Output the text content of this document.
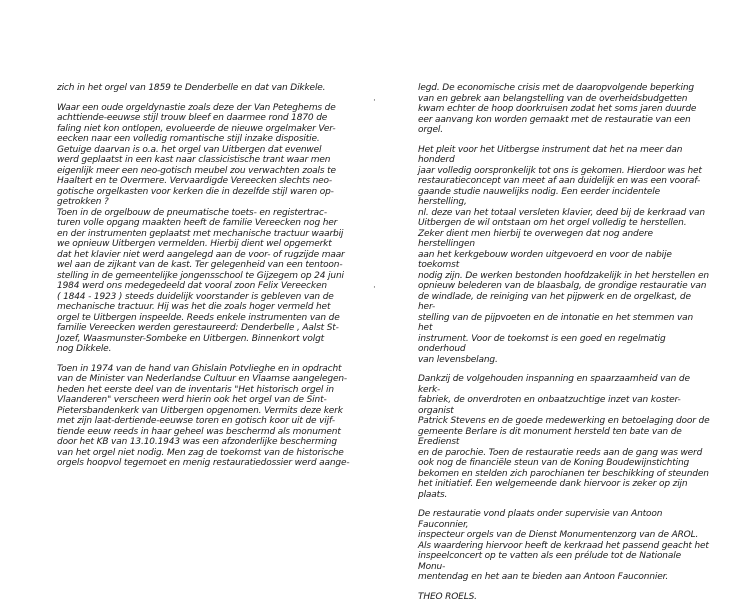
zich in het orgel van 1859 te Denderbelle en dat van Dikkele.

Waar een oude orgeldynastie zoals deze der Van Peteghems de
achttiende-eeuwse stijl trouw bleef en daarmee rond 1870 de
faling niet kon ontlopen, evolueerde de nieuwe orgelmaker Ver-
eecken naar een volledig romantische stijl inzake dispositie.
Getuige daarvan is o.a. het orgel van Uitbergen dat evenwel
werd geplaatst in een kast naar classicistische trant waar men
eigenlijk meer een neo-gotisch meubel zou verwachten zoals te
Haaltert en te Overmere. Vervaardigde Vereecken slechts neo-
gotische orgelkasten voor kerken die in dezelfde stijl waren op-
getrokken ?
Toen in de orgelbouw de pneumatische toets- en registertrac-
turen volle opgang maakten heeft de familie Vereecken nog her
en der instrumenten geplaatst met mechanische tractuur waarbij
we opnieuw Uitbergen vermelden. Hierbij dient wel opgemerkt
dat het klavier niet werd aangelegd aan de voor- of rugzijde maar
wel aan de zijkant van de kast. Ter gelegenheid van een tentoon-
stelling in de gemeentelijke jongensschool te Gijzegem op 24 juni
1984 werd ons medegedeeld dat vooral zoon Felix Vereecken
( 1844 - 1923 ) steeds duidelijk voorstander is gebleven van de
mechanische tractuur. Hij was het die zoals hoger vermeld het
orgel te Uitbergen inspeelde. Reeds enkele instrumenten van de
familie Vereecken werden gerestaureerd: Denderbelle , Aalst St-
Jozef, Waasmunster-Sombeke en Uitbergen. Binnenkort volgt
nog Dikkele.

Toen in 1974 van de hand van Ghislain Potvlieghe en in opdracht
van de Minister van Nederlandse Cultuur en Vlaamse aangelegen-
heden het eerste deel van de inventaris "Het historisch orgel in
Vlaanderen" verscheen werd hierin ook het orgel van de Sint-
Pietersbandenkerk van Uitbergen opgenomen. Vermits deze kerk
met zijn laat-dertiende-eeuwse toren en gotisch koor uit de vijf-
tiende eeuw reeds in haar geheel was beschermd als monument
door het KB van 13.10.1943 was een afzonderlijke bescherming
van het orgel niet nodig. Men zag de toekomst van de historische
orgels hoopvol tegemoet en menig restauratiedossier werd aange-

·
·

legd. De economische crisis met de daaropvolgende beperking
van en gebrek aan belangstelling van de overheidsbudgetten
kwam echter de hoop doorkruisen zodat het soms jaren duurde
eer aanvang kon worden gemaakt met de restauratie van een orgel.

Het pleit voor het Uitbergse instrument dat het na meer dan honderd
jaar volledig oorspronkelijk tot ons is gekomen. Hierdoor was het
restauratieconcept van meet af aan duidelijk en was een vooraf-
gaande studie nauwelijks nodig. Een eerder incidentele herstelling,
nl. deze van het totaal versleten klavier, deed bij de kerkraad van
Uitbergen de wil ontstaan om het orgel volledig te herstellen.
Zeker dient men hierbij te overwegen dat nog andere herstellingen
aan het kerkgebouw worden uitgevoerd en voor de nabije toekomst
nodig zijn. De werken bestonden hoofdzakelijk in het herstellen en
opnieuw belederen van de blaasbalg, de grondige restauratie van
de windlade, de reiniging van het pijpwerk en de orgelkast, de her-
stelling van de pijpvoeten en de intonatie en het stemmen van het
instrument. Voor de toekomst is een goed en regelmatig onderhoud
van levensbelang.

Dankzij de volgehouden inspanning en spaarzaamheid van de kerk-
fabriek, de onverdroten en onbaatzuchtige inzet van koster-organist
Patrick Stevens en de goede medewerking en betoelaging door de
gemeente Berlare is dit monument hersteld ten bate van de Eredienst
en de parochie. Toen de restauratie reeds aan de gang was werd
ook nog de financiële steun van de Koning Boudewijnstichting
bekomen en stelden zich parochianen ter beschikking of steunden
het initiatief. Een welgemeende dank hiervoor is zeker op zijn plaats.

De restauratie vond plaats onder supervisie van Antoon Fauconnier,
inspecteur orgels van de Dienst Monumentenzorg van de AROL.
Als waardering hiervoor heeft de kerkraad het passend geacht het
inspeelconcert op te vatten als een prélude tot de Nationale Monu-
mentendag en het aan te bieden aan Antoon Fauconnier.

THEO ROELS.
